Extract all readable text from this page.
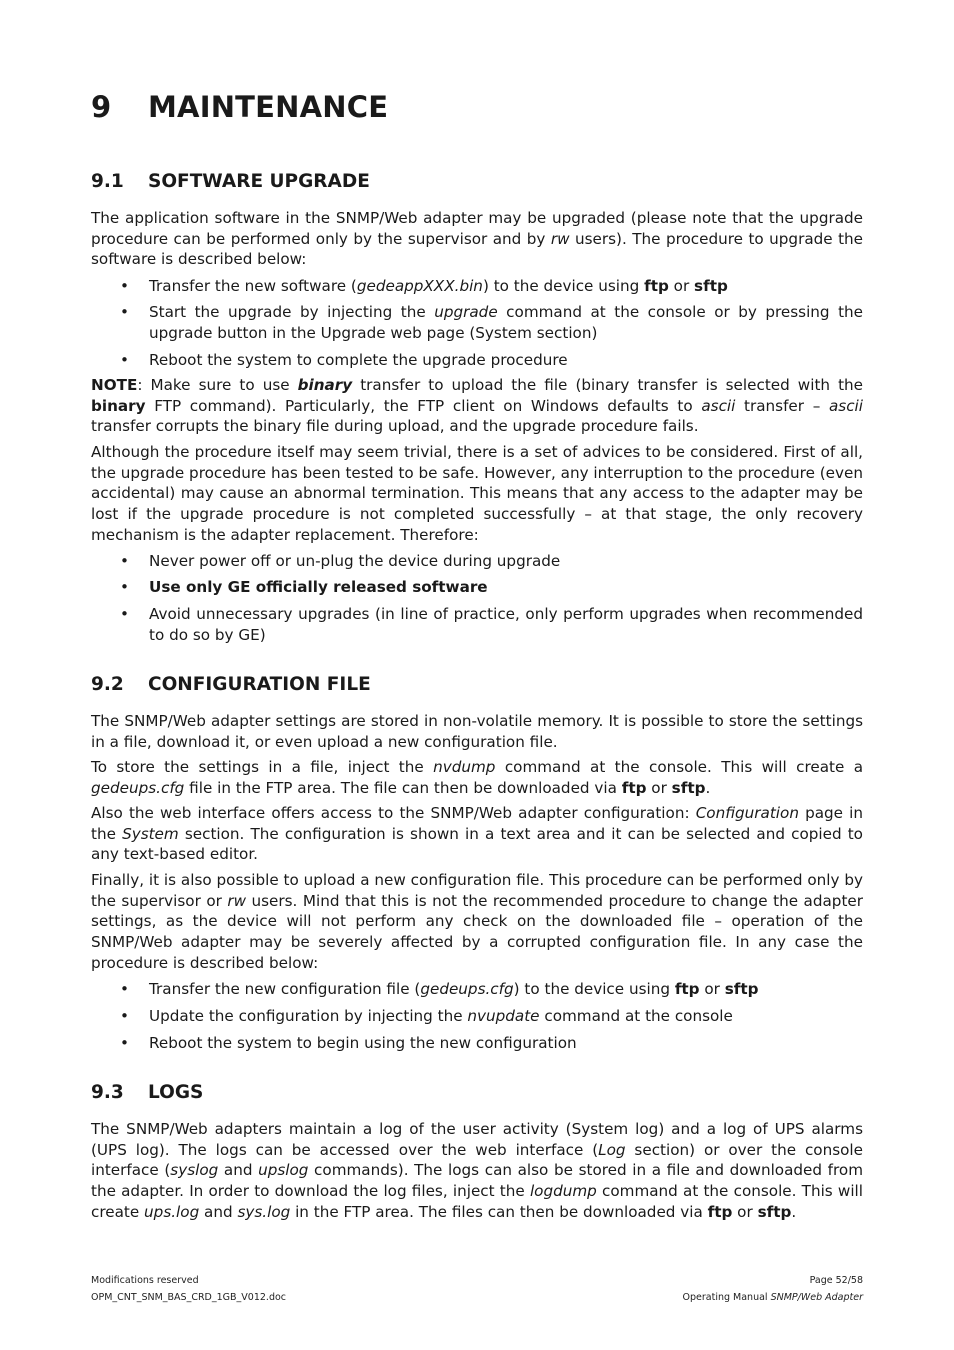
9 MAINTENANCE
9.1 SOFTWARE UPGRADE
The application software in the SNMP/Web adapter may be upgraded (please note that the upgrade procedure can be performed only by the supervisor and by rw users). The procedure to upgrade the software is described below:
• Transfer the new software (gedeappXXX.bin) to the device using ftp or sftp
• Start the upgrade by injecting the upgrade command at the console or by pressing the upgrade button in the Upgrade web page (System section)
• Reboot the system to complete the upgrade procedure
NOTE: Make sure to use binary transfer to upload the file (binary transfer is selected with the binary FTP command). Particularly, the FTP client on Windows defaults to ascii transfer – ascii transfer corrupts the binary file during upload, and the upgrade procedure fails.
Although the procedure itself may seem trivial, there is a set of advices to be considered. First of all, the upgrade procedure has been tested to be safe. However, any interruption to the procedure (even accidental) may cause an abnormal termination. This means that any access to the adapter may be lost if the upgrade procedure is not completed successfully – at that stage, the only recovery mechanism is the adapter replacement. Therefore:
• Never power off or un-plug the device during upgrade
• Use only GE officially released software
• Avoid unnecessary upgrades (in line of practice, only perform upgrades when recommended to do so by GE)
9.2 CONFIGURATION FILE
The SNMP/Web adapter settings are stored in non-volatile memory. It is possible to store the settings in a file, download it, or even upload a new configuration file.
To store the settings in a file, inject the nvdump command at the console. This will create a gedeups.cfg file in the FTP area. The file can then be downloaded via ftp or sftp.
Also the web interface offers access to the SNMP/Web adapter configuration: Configuration page in the System section. The configuration is shown in a text area and it can be selected and copied to any text-based editor.
Finally, it is also possible to upload a new configuration file. This procedure can be performed only by the supervisor or rw users. Mind that this is not the recommended procedure to change the adapter settings, as the device will not perform any check on the downloaded file – operation of the SNMP/Web adapter may be severely affected by a corrupted configuration file. In any case the procedure is described below:
• Transfer the new configuration file (gedeups.cfg) to the device using ftp or sftp
• Update the configuration by injecting the nvupdate command at the console
• Reboot the system to begin using the new configuration
9.3 LOGS
The SNMP/Web adapters maintain a log of the user activity (System log) and a log of UPS alarms (UPS log). The logs can be accessed over the web interface (Log section) or over the console interface (syslog and upslog commands). The logs can also be stored in a file and downloaded from the adapter. In order to download the log files, inject the logdump command at the console. This will create ups.log and sys.log in the FTP area. The files can then be downloaded via ftp or sftp.
Modifications reserved
OPM_CNT_SNM_BAS_CRD_1GB_V012.doc
Page 52/58
Operating Manual SNMP/Web Adapter
